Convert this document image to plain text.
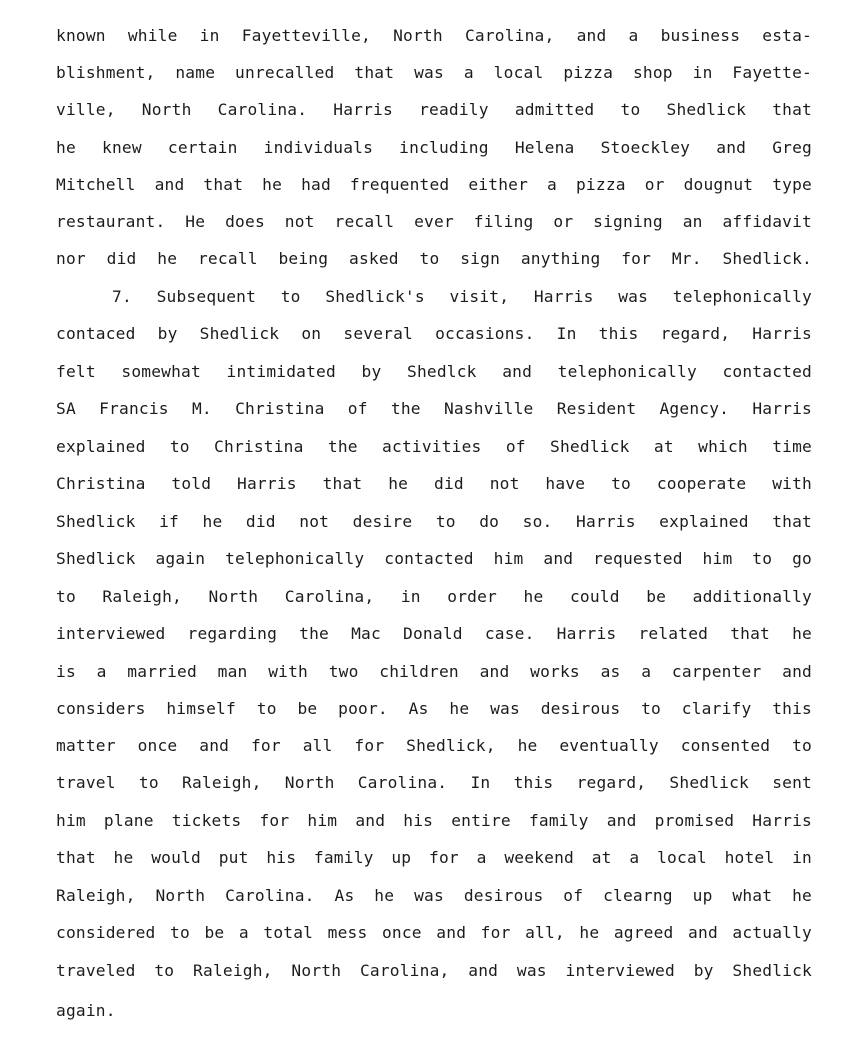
known while in Fayetteville, North Carolina, and a business esta-
blishment, name unrecalled that was a local pizza shop in Fayette-
ville, North Carolina. Harris readily admitted to Shedlick that
he knew certain individuals including Helena Stoeckley and Greg
Mitchell and that he had frequented either a pizza or dougnut type
restaurant. He does not recall ever filing or signing an affidavit
nor did he recall being asked to sign anything for Mr. Shedlick.
7. Subsequent to Shedlick's visit, Harris was telephonically
contaced by Shedlick on several occasions. In this regard, Harris
felt somewhat intimidated by Shedlck and telephonically contacted
SA Francis M. Christina of the Nashville Resident Agency. Harris
explained to Christina the activities of Shedlick at which time
Christina told Harris that he did not have to cooperate with
Shedlick if he did not desire to do so. Harris explained that
Shedlick again telephonically contacted him and requested him to go
to Raleigh, North Carolina, in order he could be additionally
interviewed regarding the Mac Donald case. Harris related that he
is a married man with two children and works as a carpenter and
considers himself to be poor. As he was desirous to clarify this
matter once and for all for Shedlick, he eventually consented to
travel to Raleigh, North Carolina. In this regard, Shedlick sent
him plane tickets for him and his entire family and promised Harris
that he would put his family up for a weekend at a local hotel in
Raleigh, North Carolina. As he was desirous of clearng up what he
considered to be a total mess once and for all, he agreed and actually
traveled to Raleigh, North Carolina, and was interviewed by Shedlick
again.
